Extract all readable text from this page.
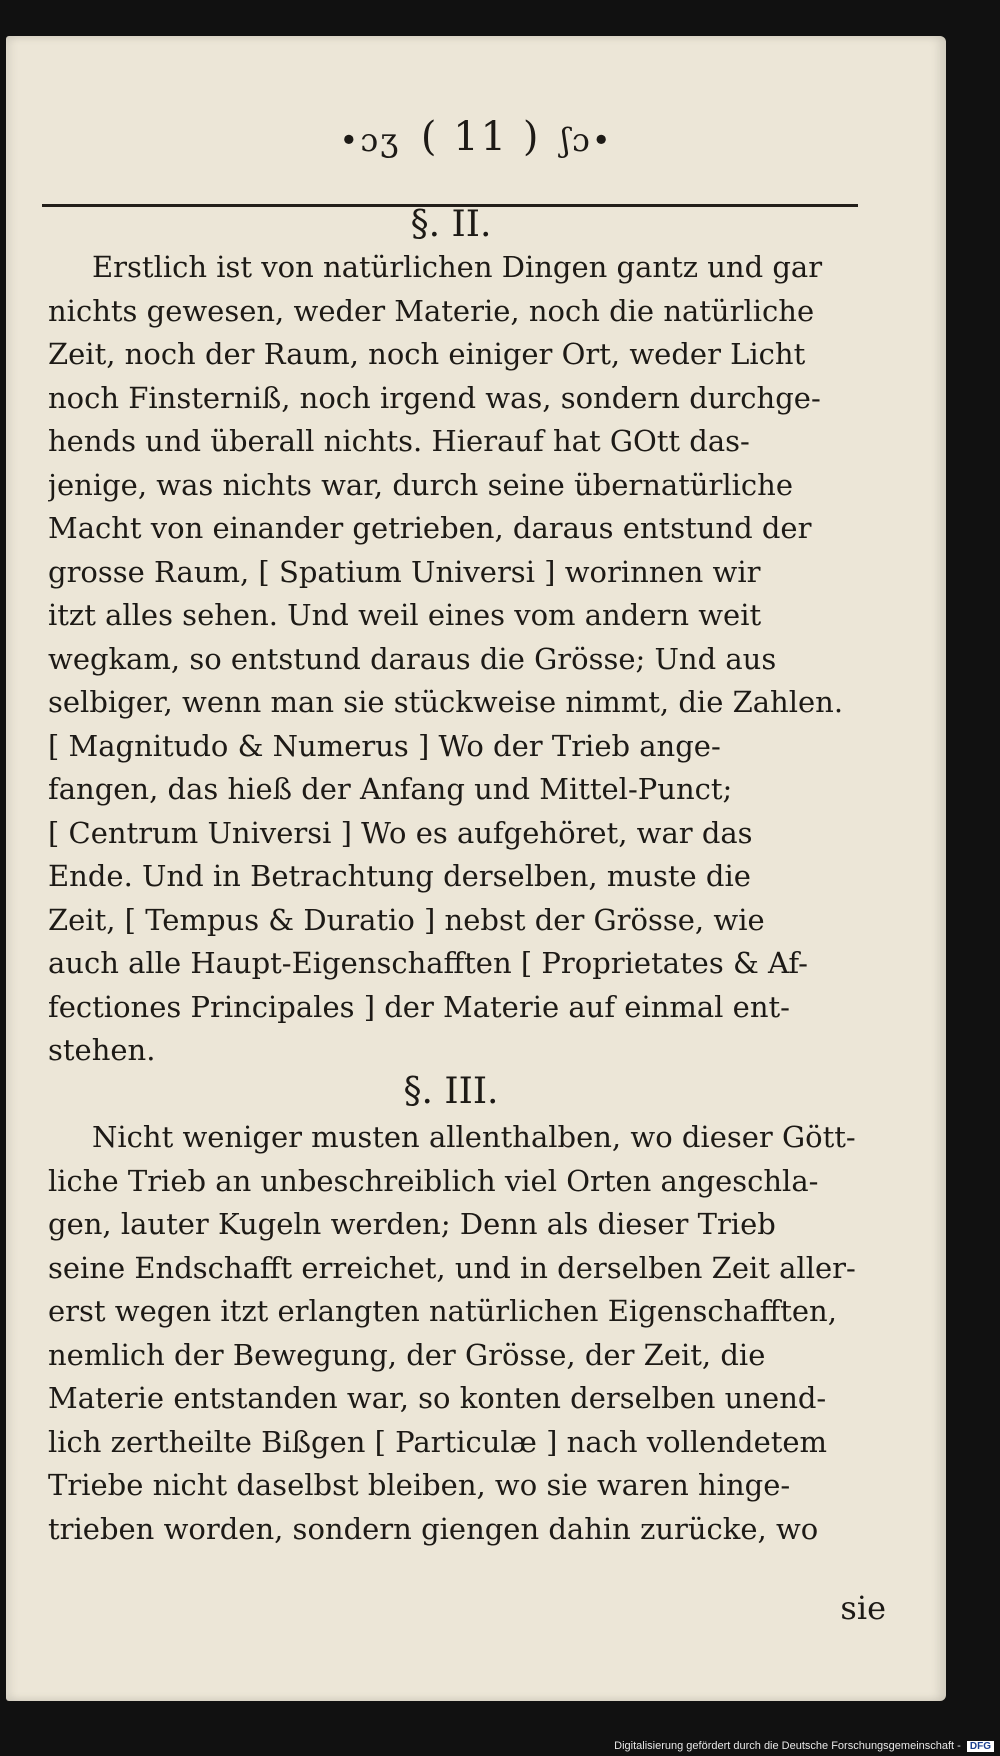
•ɔʒ ( 11 ) ʃɔ•
§. II.

Erstlich ist von natürlichen Dingen gantz und gar
nichts gewesen, weder Materie, noch die natürliche
Zeit, noch der Raum, noch einiger Ort, weder Licht
noch Finsterniß, noch irgend was, sondern durchge-
hends und überall nichts. Hierauf hat GOtt das-
jenige, was nichts war, durch seine übernatürliche
Macht von einander getrieben, daraus entstund der
grosse Raum, [ Spatium Universi ] worinnen wir
itzt alles sehen. Und weil eines vom andern weit
wegkam, so entstund daraus die Grösse; Und aus
selbiger, wenn man sie stückweise nimmt, die Zahlen.
[ Magnitudo & Numerus ] Wo der Trieb ange-
fangen, das hieß der Anfang und Mittel-Punct;
[ Centrum Universi ] Wo es aufgehöret, war das
Ende. Und in Betrachtung derselben, muste die
Zeit, [ Tempus & Duratio ] nebst der Grösse, wie
auch alle Haupt-Eigenschafften [ Proprietates & Af-
fectiones Principales ] der Materie auf einmal ent-
stehen.

§. III.

Nicht weniger musten allenthalben, wo dieser Gött-
liche Trieb an unbeschreiblich viel Orten angeschla-
gen, lauter Kugeln werden; Denn als dieser Trieb
seine Endschafft erreichet, und in derselben Zeit aller-
erst wegen itzt erlangten natürlichen Eigenschafften,
nemlich der Bewegung, der Grösse, der Zeit, die
Materie entstanden war, so konten derselben unend-
lich zertheilte Bißgen [ Particulæ ] nach vollendetem
Triebe nicht daselbst bleiben, wo sie waren hinge-
trieben worden, sondern giengen dahin zurücke, wo

sie
Digitalisierung gefördert durch die Deutsche Forschungsgemeinschaft - DFG
